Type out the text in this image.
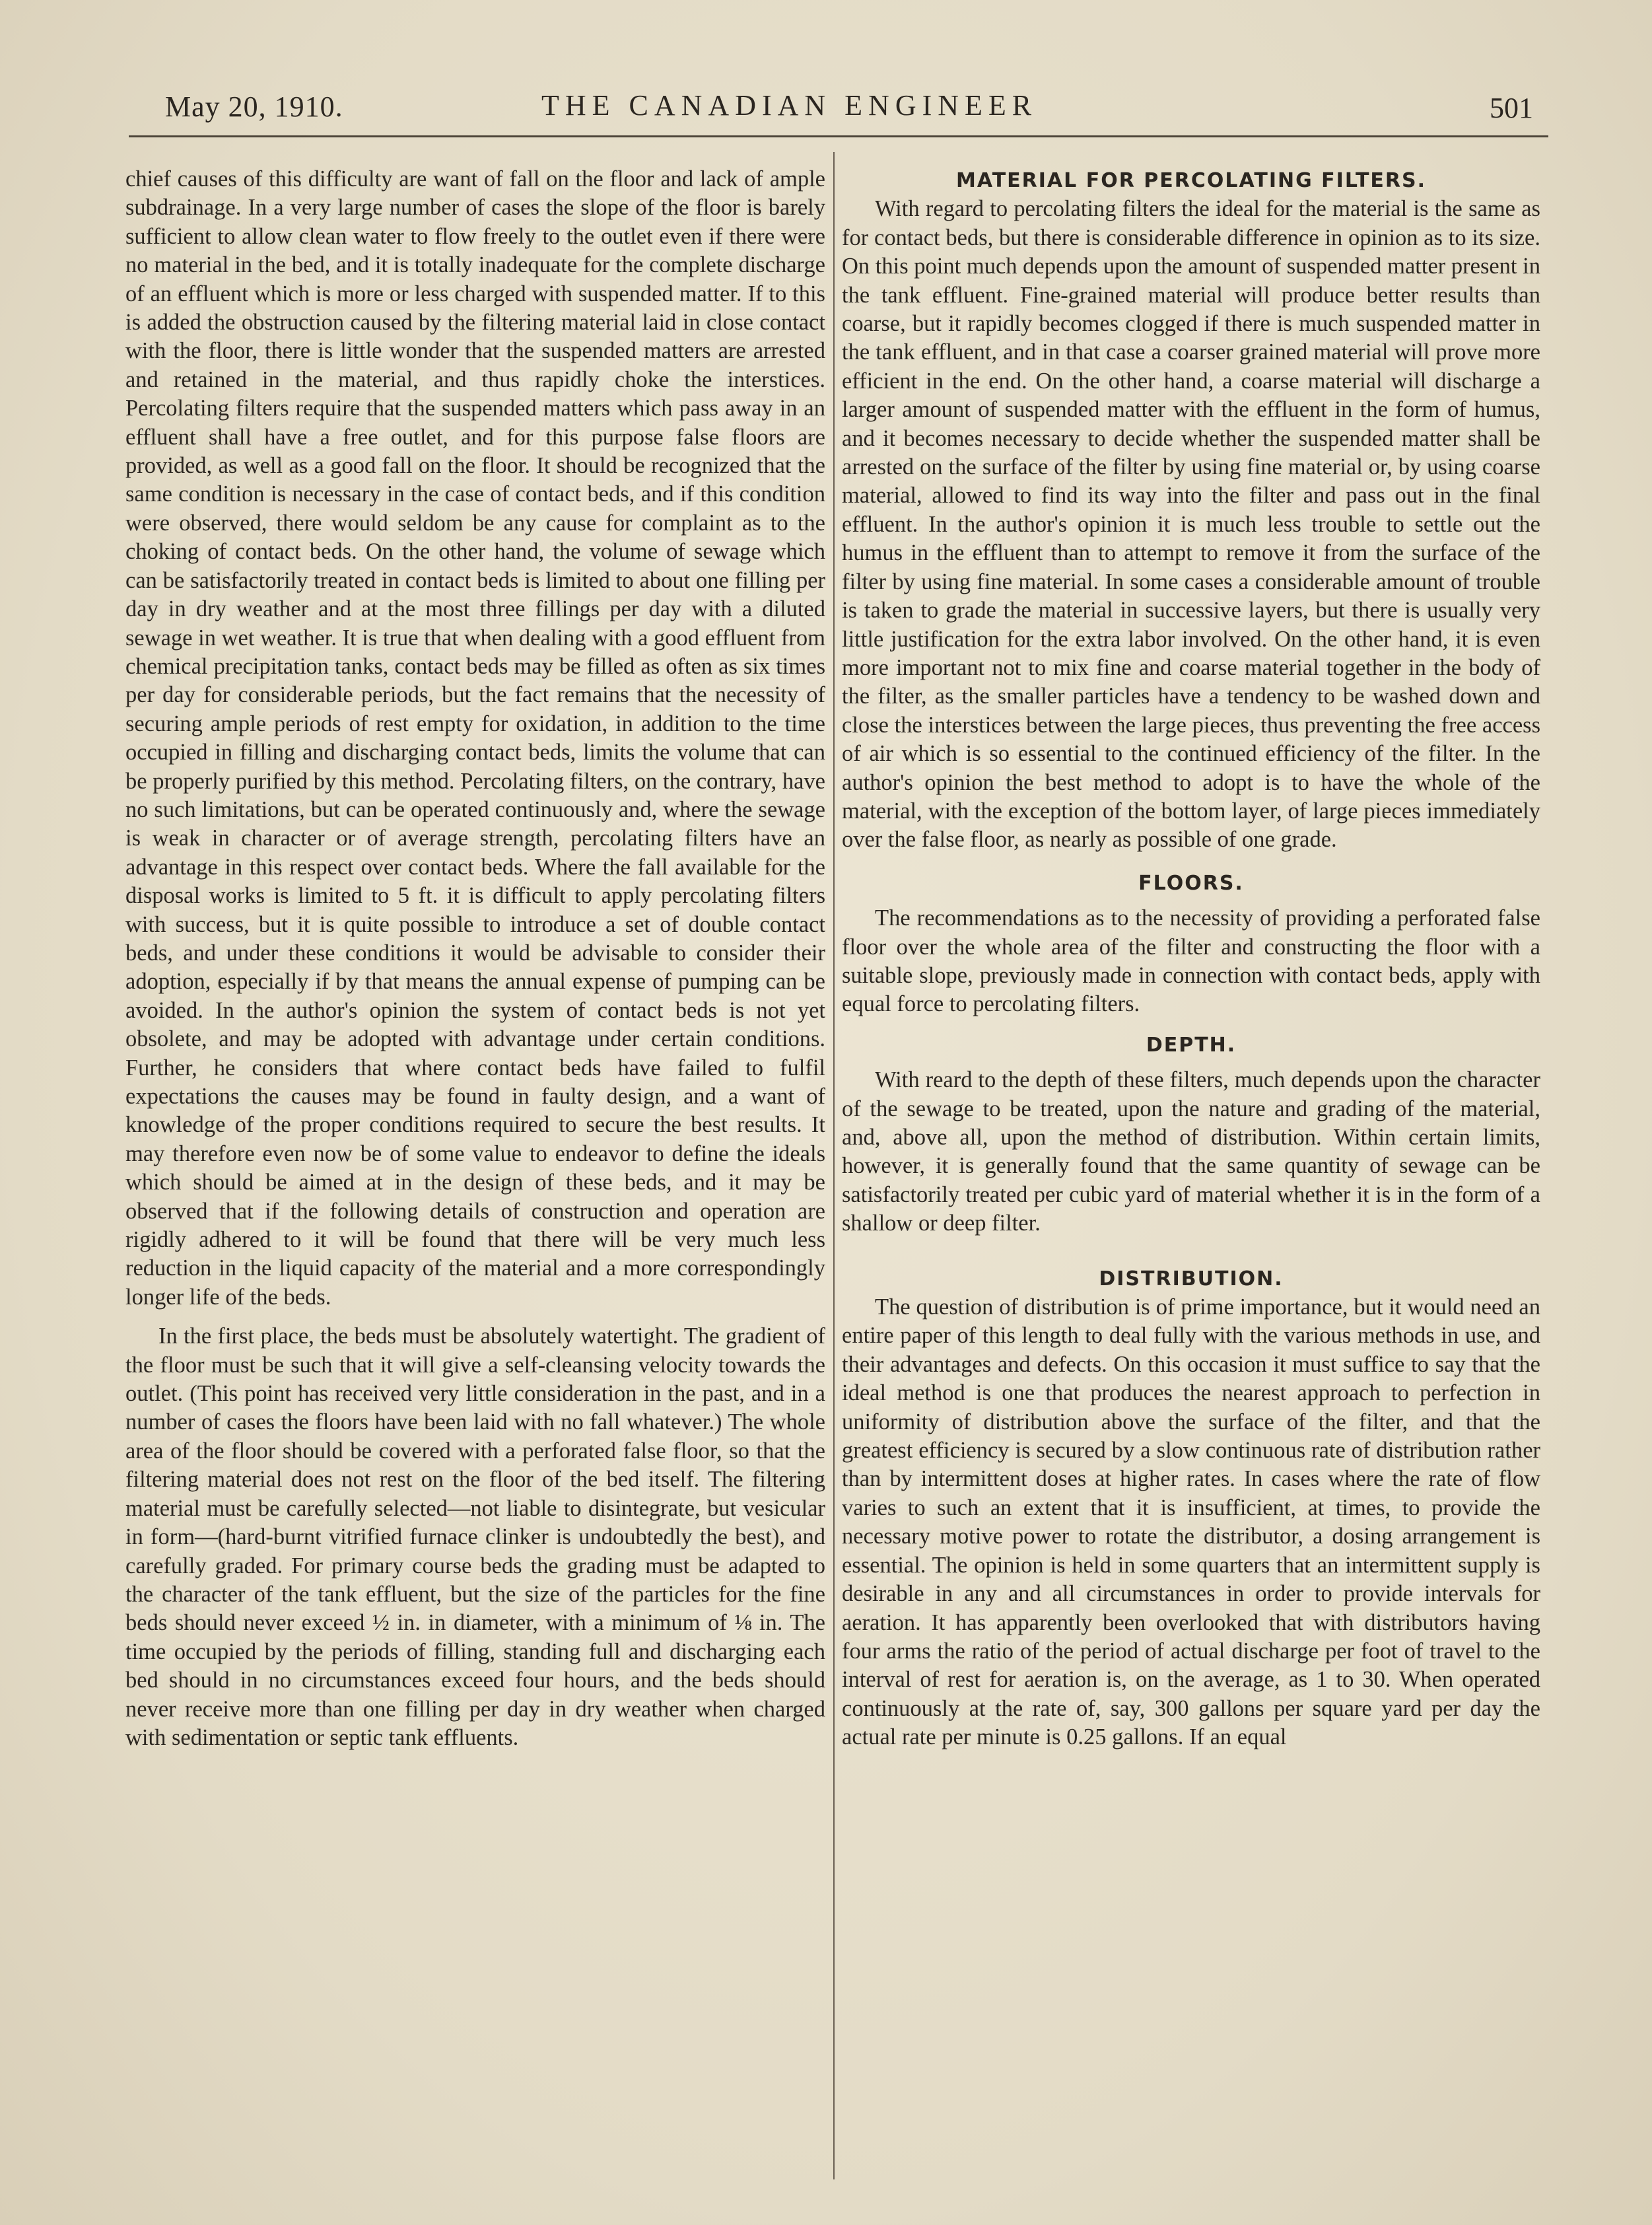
May 20, 1910.	THE CANADIAN ENGINEER	501

chief causes of this difficulty are want of fall on the floor and lack of ample subdrainage. In a very large number of cases the slope of the floor is barely sufficient to allow clean water to flow freely to the outlet even if there were no material in the bed, and it is totally inadequate for the complete discharge of an effluent which is more or less charged with suspended matter. If to this is added the obstruction caused by the filtering material laid in close contact with the floor, there is little wonder that the suspended matters are arrested and retained in the material, and thus rapidly choke the interstices. Percolating filters require that the suspended matters which pass away in an effluent shall have a free outlet, and for this purpose false floors are provided, as well as a good fall on the floor. It should be recognized that the same condition is necessary in the case of contact beds, and if this condition were observed, there would seldom be any cause for complaint as to the choking of contact beds. On the other hand, the volume of sewage which can be satisfactorily treated in contact beds is limited to about one filling per day in dry weather and at the most three fillings per day with a diluted sewage in wet weather. It is true that when dealing with a good effluent from chemical precipitation tanks, contact beds may be filled as often as six times per day for considerable periods, but the fact remains that the necessity of securing ample periods of rest empty for oxidation, in addition to the time occupied in filling and discharging contact beds, limits the volume that can be properly purified by this method. Percolating filters, on the contrary, have no such limitations, but can be operated continuously and, where the sewage is weak in character or of average strength, percolating filters have an advantage in this respect over contact beds. Where the fall available for the disposal works is limited to 5 ft. it is difficult to apply percolating filters with success, but it is quite possible to introduce a set of double contact beds, and under these conditions it would be advisable to consider their adoption, especially if by that means the annual expense of pumping can be avoided. In the author's opinion the system of contact beds is not yet obsolete, and may be adopted with advantage under certain conditions. Further, he considers that where contact beds have failed to fulfil expectations the causes may be found in faulty design, and a want of knowledge of the proper conditions required to secure the best results. It may therefore even now be of some value to endeavor to define the ideals which should be aimed at in the design of these beds, and it may be observed that if the following details of construction and operation are rigidly adhered to it will be found that there will be very much less reduction in the liquid capacity of the material and a more correspondingly longer life of the beds.

In the first place, the beds must be absolutely watertight. The gradient of the floor must be such that it will give a self-cleansing velocity towards the outlet. (This point has received very little consideration in the past, and in a number of cases the floors have been laid with no fall whatever.) The whole area of the floor should be covered with a perforated false floor, so that the filtering material does not rest on the floor of the bed itself. The filtering material must be carefully selected—not liable to disintegrate, but vesicular in form—(hard-burnt vitrified furnace clinker is undoubtedly the best), and carefully graded. For primary course beds the grading must be adapted to the character of the tank effluent, but the size of the particles for the fine beds should never exceed ½ in. in diameter, with a minimum of ⅛ in. The time occupied by the periods of filling, standing full and discharging each bed should in no circumstances exceed four hours, and the beds should never receive more than one filling per day in dry weather when charged with sedimentation or septic tank effluents.

MATERIAL FOR PERCOLATING FILTERS.

With regard to percolating filters the ideal for the material is the same as for contact beds, but there is considerable difference in opinion as to its size. On this point much depends upon the amount of suspended matter present in the tank effluent. Fine-grained material will produce better results than coarse, but it rapidly becomes clogged if there is much suspended matter in the tank effluent, and in that case a coarser grained material will prove more efficient in the end. On the other hand, a coarse material will discharge a larger amount of suspended matter with the effluent in the form of humus, and it becomes necessary to decide whether the suspended matter shall be arrested on the surface of the filter by using fine material or, by using coarse material, allowed to find its way into the filter and pass out in the final effluent. In the author's opinion it is much less trouble to settle out the humus in the effluent than to attempt to remove it from the surface of the filter by using fine material. In some cases a considerable amount of trouble is taken to grade the material in successive layers, but there is usually very little justification for the extra labor involved. On the other hand, it is even more important not to mix fine and coarse material together in the body of the filter, as the smaller particles have a tendency to be washed down and close the interstices between the large pieces, thus preventing the free access of air which is so essential to the continued efficiency of the filter. In the author's opinion the best method to adopt is to have the whole of the material, with the exception of the bottom layer, of large pieces immediately over the false floor, as nearly as possible of one grade.

FLOORS.

The recommendations as to the necessity of providing a perforated false floor over the whole area of the filter and constructing the floor with a suitable slope, previously made in connection with contact beds, apply with equal force to percolating filters.

DEPTH.

With reard to the depth of these filters, much depends upon the character of the sewage to be treated, upon the nature and grading of the material, and, above all, upon the method of distribution. Within certain limits, however, it is generally found that the same quantity of sewage can be satisfactorily treated per cubic yard of material whether it is in the form of a shallow or deep filter.

DISTRIBUTION.

The question of distribution is of prime importance, but it would need an entire paper of this length to deal fully with the various methods in use, and their advantages and defects. On this occasion it must suffice to say that the ideal method is one that produces the nearest approach to perfection in uniformity of distribution above the surface of the filter, and that the greatest efficiency is secured by a slow continuous rate of distribution rather than by intermittent doses at higher rates. In cases where the rate of flow varies to such an extent that it is insufficient, at times, to provide the necessary motive power to rotate the distributor, a dosing arrangement is essential. The opinion is held in some quarters that an intermittent supply is desirable in any and all circumstances in order to provide intervals for aeration. It has apparently been overlooked that with distributors having four arms the ratio of the period of actual discharge per foot of travel to the interval of rest for aeration is, on the average, as 1 to 30. When operated continuously at the rate of, say, 300 gallons per square yard per day the actual rate per minute is 0.25 gallons. If an equal
